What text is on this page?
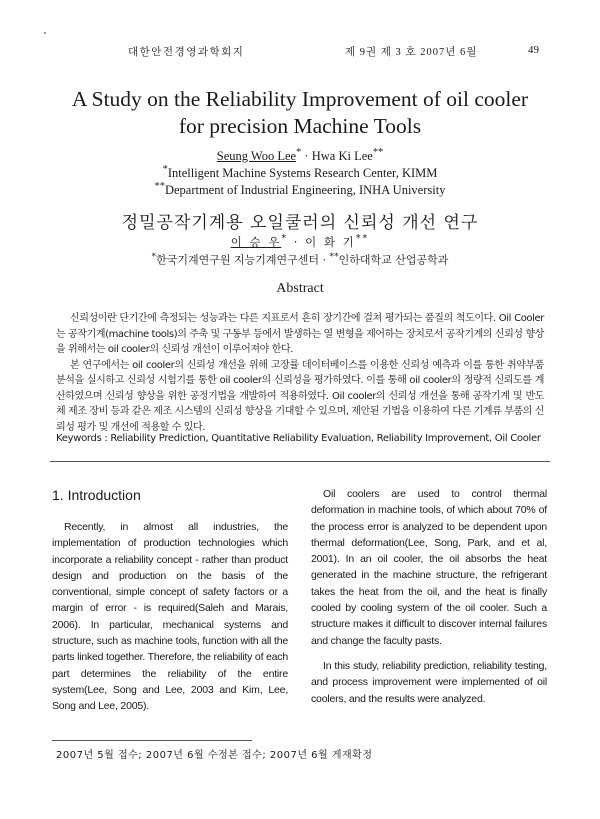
대한안전경영과학회지	제 9권 제 3 호 2007년 6월	49
A Study on the Reliability Improvement of oil cooler
for precision Machine Tools
Seung Woo Lee* · Hwa Ki Lee**
*Intelligent Machine Systems Research Center, KIMM
**Department of Industrial Engineering, INHA University
정밀공작기계용 오일쿨러의 신뢰성 개선 연구
이 승 우* · 이 화 기**
*한국기계연구원 지능기계연구센터 · **인하대학교 산업공학과
Abstract

신뢰성이란 단기간에 측정되는 성능과는 다른 지표로서 흔히 장기간에 걸쳐 평가되는 품질의 척도이다. Oil Cooler는 공작기계(machine tools)의 주축 및 구동부 등에서 발생하는 열 변형을 제어하는 장치로서 공작기계의 신뢰성 향상을 위해서는 oil cooler의 신뢰성 개선이 이루어져야 한다.

본 연구에서는 oil cooler의 신뢰성 개선을 위해 고장률 데이터베이스를 이용한 신뢰성 예측과 이를 통한 취약부품 분석을 실시하고 신뢰성 시험기를 통한 oil cooler의 신뢰성을 평가하였다. 이를 통해 oil cooler의 정량적 신뢰도를 계산하였으며 신뢰성 향상을 위한 공정기법을 개발하여 적용하였다. Oil cooler의 신뢰성 개선을 통해 공작기계 및 반도체 제조 장비 등과 같은 제조 시스템의 신뢰성 향상을 기대할 수 있으며, 제안된 기법을 이용하여 다른 기계류 부품의 신뢰성 평가 및 개선에 적용할 수 있다.

Keywords : Reliability Prediction, Quantitative Reliability Evaluation, Reliability Improvement, Oil Cooler
1. Introduction

Recently, in almost all industries, the implementation of production technologies which incorporate a reliability concept - rather than product design and production on the basis of the conventional, simple concept of safety factors or a margin of error - is required(Saleh and Marais, 2006). In particular, mechanical systems and structure, such as machine tools, function with all the parts linked together. Therefore, the reliability of each part determines the reliability of the entire system(Lee, Song and Lee, 2003 and Kim, Lee, Song and Lee, 2005).

Oil coolers are used to control thermal deformation in machine tools, of which about 70% of the process error is analyzed to be dependent upon thermal deformation(Lee, Song, Park, and et al, 2001). In an oil cooler, the oil absorbs the heat generated in the machine structure, the refrigerant takes the heat from the oil, and the heat is finally cooled by cooling system of the oil cooler. Such a structure makes it difficult to discover internal failures and change the faculty pasts.

In this study, reliability prediction, reliability testing, and process improvement were implemented of oil coolers, and the results were analyzed.

2007년 5월 접수; 2007년 6월 수정본 접수; 2007년 6월 게재확정
